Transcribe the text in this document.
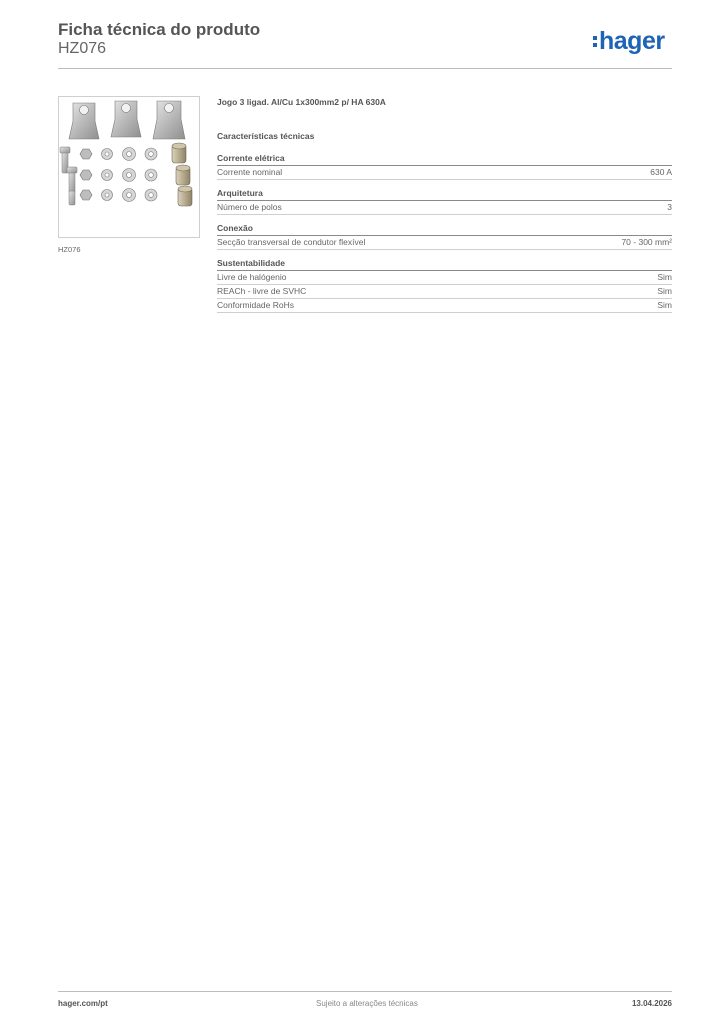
Ficha técnica do produto
HZ076	hager
HZ076
Jogo 3 ligad. Al/Cu 1x300mm2 p/ HA 630A
Características técnicas
Corrente elétrica
Corrente nominal	630 A
Arquitetura
Número de polos	3
Conexão
Secção transversal de condutor flexível	70 - 300 mm²
Sustentabilidade
Livre de halógenio	Sim
REACh - livre de SVHC	Sim
Conformidade RoHs	Sim
hager.com/pt	Sujeito a alterações técnicas	13.04.2026
